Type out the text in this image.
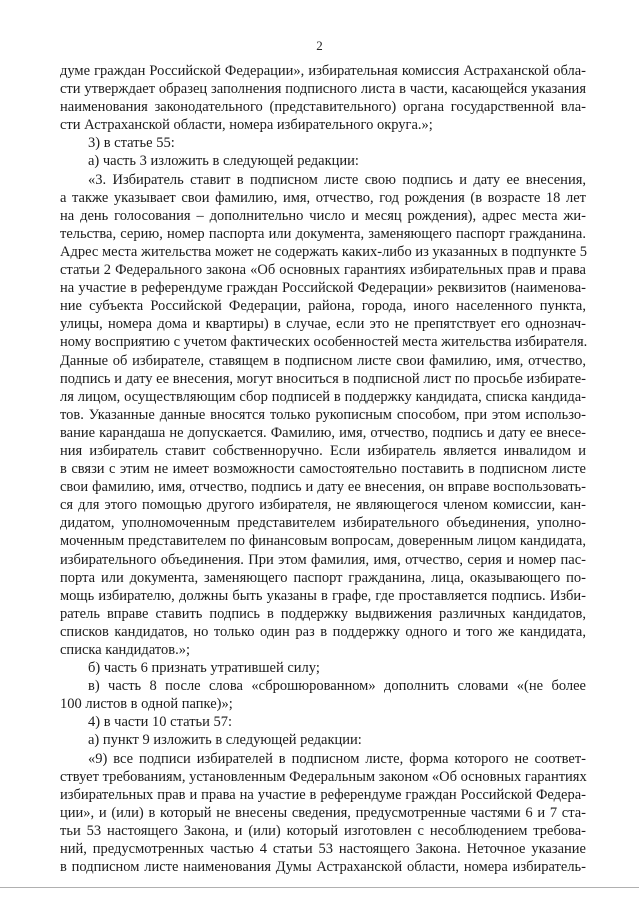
2
думе граждан Российской Федерации», избирательная комиссия Астраханской обла-
сти утверждает образец заполнения подписного листа в части, касающейся указания
наименования законодательного (представительного) органа государственной вла-
сти Астраханской области, номера избирательного округа.»;
3) в статье 55:
а) часть 3 изложить в следующей редакции:
«3. Избиратель ставит в подписном листе свою подпись и дату ее внесения,
а также указывает свои фамилию, имя, отчество, год рождения (в возрасте 18 лет
на день голосования – дополнительно число и месяц рождения), адрес места жи-
тельства, серию, номер паспорта или документа, заменяющего паспорт гражданина.
Адрес места жительства может не содержать каких-либо из указанных в подпункте 5
статьи 2 Федерального закона «Об основных гарантиях избирательных прав и права
на участие в референдуме граждан Российской Федерации» реквизитов (наименова-
ние субъекта Российской Федерации, района, города, иного населенного пункта,
улицы, номера дома и квартиры) в случае, если это не препятствует его однознач-
ному восприятию с учетом фактических особенностей места жительства избирателя.
Данные об избирателе, ставящем в подписном листе свои фамилию, имя, отчество,
подпись и дату ее внесения, могут вноситься в подписной лист по просьбе избирате-
ля лицом, осуществляющим сбор подписей в поддержку кандидата, списка кандида-
тов. Указанные данные вносятся только рукописным способом, при этом использо-
вание карандаша не допускается. Фамилию, имя, отчество, подпись и дату ее внесе-
ния избиратель ставит собственноручно. Если избиратель является инвалидом и
в связи с этим не имеет возможности самостоятельно поставить в подписном листе
свои фамилию, имя, отчество, подпись и дату ее внесения, он вправе воспользовать-
ся для этого помощью другого избирателя, не являющегося членом комиссии, кан-
дидатом, уполномоченным представителем избирательного объединения, уполно-
моченным представителем по финансовым вопросам, доверенным лицом кандидата,
избирательного объединения. При этом фамилия, имя, отчество, серия и номер пас-
порта или документа, заменяющего паспорт гражданина, лица, оказывающего по-
мощь избирателю, должны быть указаны в графе, где проставляется подпись. Изби-
ратель вправе ставить подпись в поддержку выдвижения различных кандидатов,
списков кандидатов, но только один раз в поддержку одного и того же кандидата,
списка кандидатов.»;
б) часть 6 признать утратившей силу;
в) часть 8 после слова «сброшюрованном» дополнить словами «(не более
100 листов в одной папке)»;
4) в части 10 статьи 57:
а) пункт 9 изложить в следующей редакции:
«9) все подписи избирателей в подписном листе, форма которого не соответ-
ствует требованиям, установленным Федеральным законом «Об основных гарантиях
избирательных прав и права на участие в референдуме граждан Российской Федера-
ции», и (или) в который не внесены сведения, предусмотренные частями 6 и 7 ста-
тьи 53 настоящего Закона, и (или) который изготовлен с несоблюдением требова-
ний, предусмотренных частью 4 статьи 53 настоящего Закона. Неточное указание
в подписном листе наименования Думы Астраханской области, номера избиратель-
